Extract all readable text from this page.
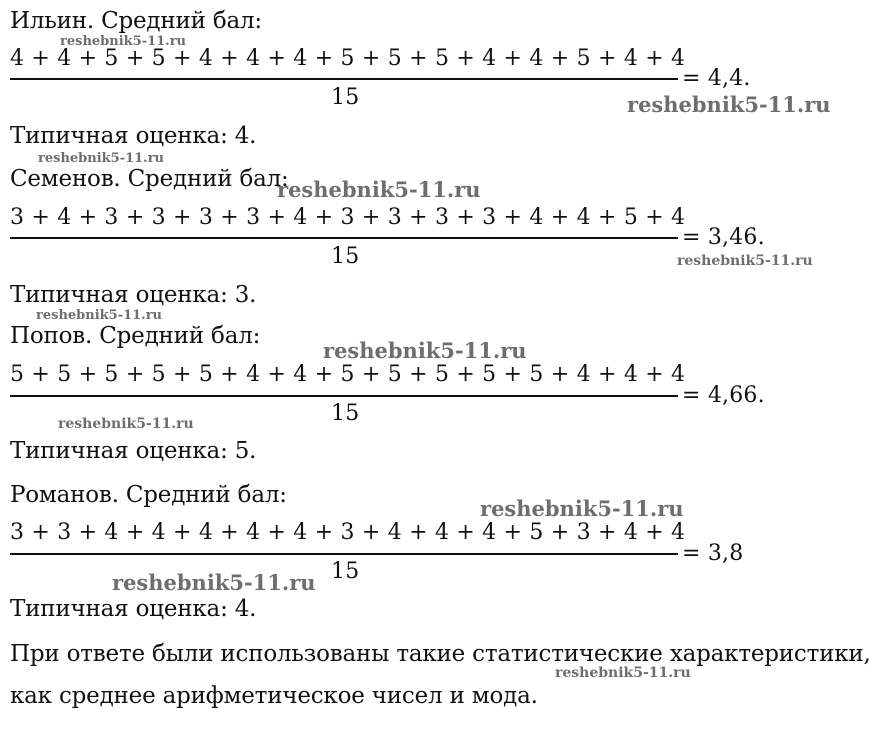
Ильин. Средний бал:
4 + 4 + 5 + 5 + 4 + 4 + 4 + 5 + 5 + 5 + 4 + 4 + 5 + 4 + 4
15
= 4,4.
Типичная оценка: 4.
Семенов. Средний бал:
3 + 4 + 3 + 3 + 3 + 3 + 4 + 3 + 3 + 3 + 3 + 4 + 4 + 5 + 4
15
= 3,46.
Типичная оценка: 3.
Попов. Средний бал:
5 + 5 + 5 + 5 + 5 + 4 + 4 + 5 + 5 + 5 + 5 + 5 + 4 + 4 + 4
15
= 4,66.
Типичная оценка: 5.
Романов. Средний бал:
3 + 3 + 4 + 4 + 4 + 4 + 4 + 3 + 4 + 4 + 4 + 5 + 3 + 4 + 4
15
= 3,8
Типичная оценка: 4.
При ответе были использованы такие статистические характеристики,
как среднее арифметическое чисел и мода.
reshebnik5-11.ru
reshebnik5-11.ru
reshebnik5-11.ru
reshebnik5-11.ru
reshebnik5-11.ru
reshebnik5-11.ru
reshebnik5-11.ru
reshebnik5-11.ru
reshebnik5-11.ru
reshebnik5-11.ru
reshebnik5-11.ru
